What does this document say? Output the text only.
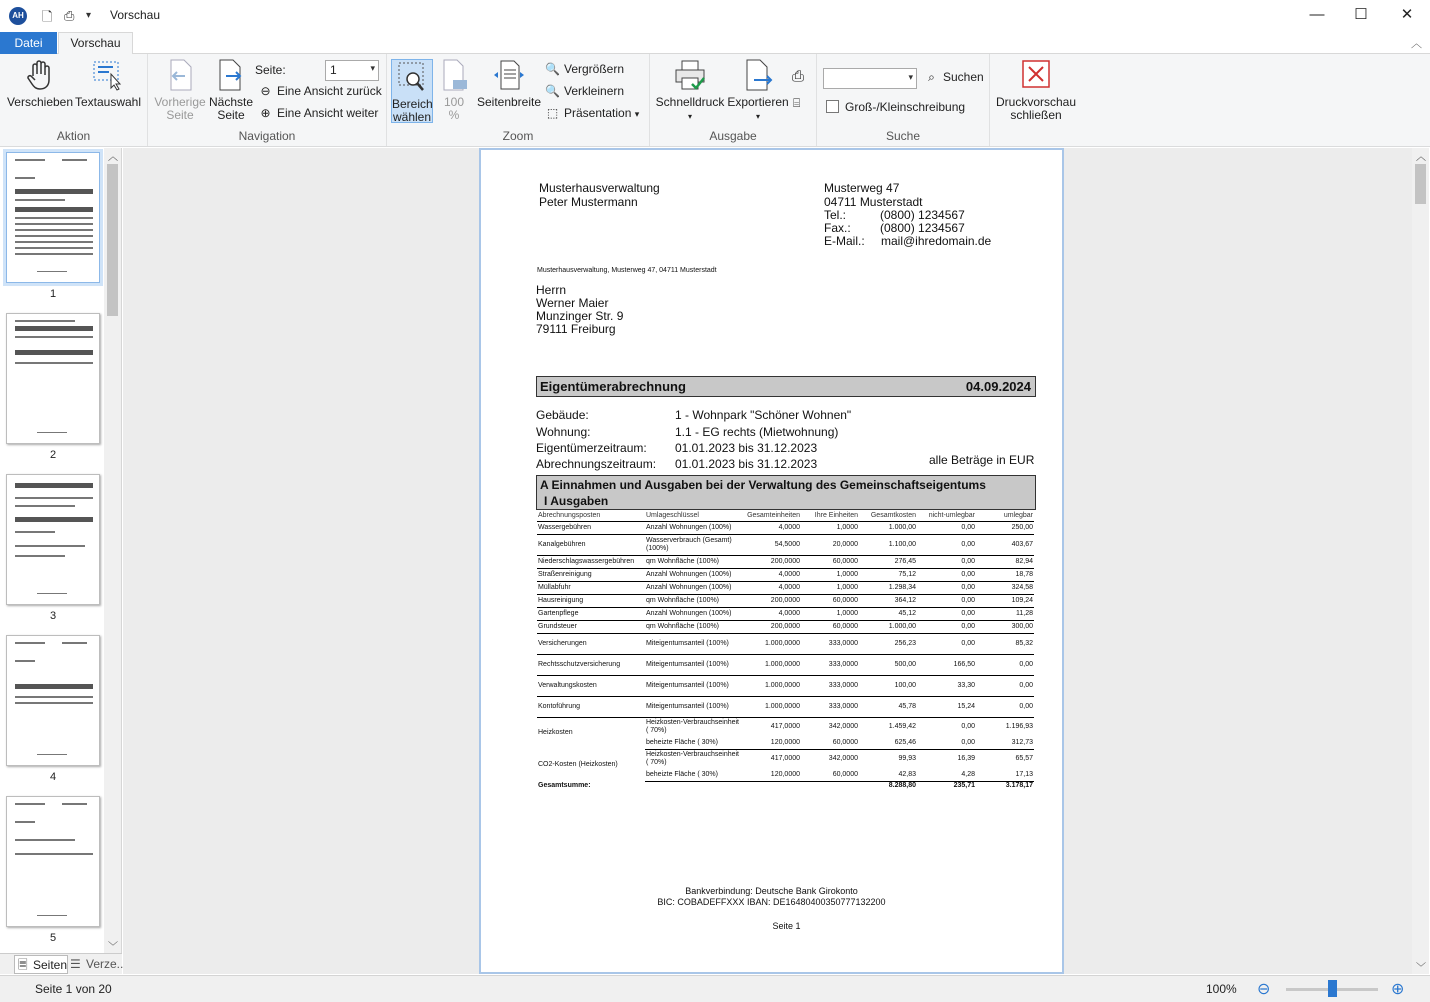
AH 🗋 ⎙ ▾ Vorschau	—	☐	✕
Datei	Vorschau	︿
Verschieben Textauswahl
Aktion
Vorherige
Seite
Nächste
Seite
Seite:	1 ▾
⊖ Eine Ansicht zurück
⊕ Eine Ansicht weiter
Navigation
Bereich
wählen
100
%
Seitenbreite
🔍 Vergrößern
🔍 Verkleinern
⬚ Präsentation ▾
Zoom
Schnelldruck
▾
Exportieren
▾
⎙
⌸
Ausgabe
▾
⌕ Suchen
Groß-/Kleinschreibung
Suche
Druckvorschau
schließen
1
2
3
4
5
︿
﹀
🗏 Seiten ☰ Verze..
Musterhausverwaltung
Peter Mustermann
Musterweg 47
04711 Musterstadt
Tel.:	(0800) 1234567
Fax.: (0800) 1234567
E-Mail.: mail@ihredomain.de
Musterhausverwaltung, Musterweg 47, 04711 Musterstadt
Herrn
Werner Maier
Munzinger Str. 9
79111 Freiburg
Eigentümerabrechnung	04.09.2024
Gebäude:	1 - Wohnpark "Schöner Wohnen"
Wohnung:	1.1 - EG rechts (Mietwohnung)
Eigentümerzeitraum: 01.01.2023 bis 31.12.2023
Abrechnungszeitraum: 01.01.2023 bis 31.12.2023	alle Beträge in EUR
A Einnahmen und Ausgaben bei der Verwaltung des Gemeinschaftseigentums
I Ausgaben
Abrechnungsposten	Umlageschlüssel	Gesamteinheiten	Ihre Einheiten	Gesamtkosten	nicht-umlegbar	umlegbar
Wassergebühren	Anzahl Wohnungen (100%)	4,0000	1,0000	1.000,00	0,00	250,00
Kanalgebühren	Wasserverbrauch (Gesamt) (100%)	54,5000	20,0000	1.100,00	0,00	403,67
Niederschlagswassergebühren	qm Wohnfläche (100%)	200,0000	60,0000	276,45	0,00	82,94
Straßenreinigung	Anzahl Wohnungen (100%)	4,0000	1,0000	75,12	0,00	18,78
Müllabfuhr	Anzahl Wohnungen (100%)	4,0000	1,0000	1.298,34	0,00	324,58
Hausreinigung	qm Wohnfläche (100%)	200,0000	60,0000	364,12	0,00	109,24
Gartenpflege	Anzahl Wohnungen (100%)	4,0000	1,0000	45,12	0,00	11,28
Grundsteuer	qm Wohnfläche (100%)	200,0000	60,0000	1.000,00	0,00	300,00
Versicherungen	Miteigentumsanteil (100%)	1.000,0000	333,0000	256,23	0,00	85,32
Rechtsschutzversicherung	Miteigentumsanteil (100%)	1.000,0000	333,0000	500,00	166,50	0,00
Verwaltungskosten	Miteigentumsanteil (100%)	1.000,0000	333,0000	100,00	33,30	0,00
Kontoführung	Miteigentumsanteil (100%)	1.000,0000	333,0000	45,78	15,24	0,00
Heizkosten	Heizkosten-Verbrauchseinheit ( 70%)	417,0000	342,0000	1.459,42	0,00	1.196,93
	beheizte Fläche ( 30%)	120,0000	60,0000	625,46	0,00	312,73
CO2-Kosten (Heizkosten)	Heizkosten-Verbrauchseinheit ( 70%)	417,0000	342,0000	99,93	16,39	65,57
	beheizte Fläche ( 30%)	120,0000	60,0000	42,83	4,28	17,13
Gesamtsumme:				8.288,80	235,71	3.178,17
Bankverbindung: Deutsche Bank Girokonto
BIC: COBADEFFXXX IBAN: DE16480400350777132200
Seite 1
︿
﹀
Seite 1 von 20	100% ⊖	⊕
